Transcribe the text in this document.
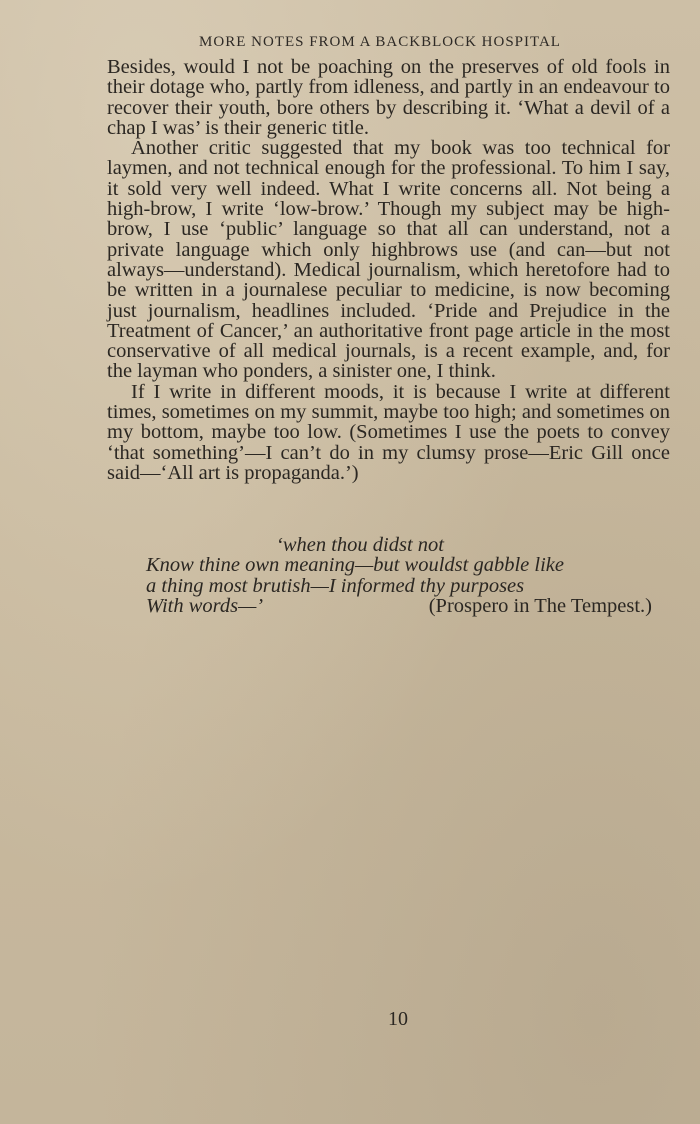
MORE NOTES FROM A BACKBLOCK HOSPITAL

Besides, would I not be poaching on the preserves of old fools in their dotage who, partly from idleness, and partly in an endeavour to recover their youth, bore others by describing it. ‘What a devil of a chap I was’ is their generic title.

Another critic suggested that my book was too technical for laymen, and not technical enough for the professional. To him I say, it sold very well indeed. What I write concerns all. Not being a high-brow, I write ‘low-brow.’ Though my subject may be high-brow, I use ‘public’ language so that all can understand, not a private language which only highbrows use (and can—but not always—understand). Medical journalism, which heretofore had to be written in a journalese peculiar to medicine, is now becoming just journalism, headlines included. ‘Pride and Prejudice in the Treatment of Cancer,’ an authoritative front page article in the most conservative of all medical journals, is a recent example, and, for the layman who ponders, a sinister one, I think.

If I write in different moods, it is because I write at different times, sometimes on my summit, maybe too high; and sometimes on my bottom, maybe too low. (Sometimes I use the poets to convey ‘that something’—I can’t do in my clumsy prose—Eric Gill once said—‘All art is propaganda.’)

‘when thou didst not
Know thine own meaning—but wouldst gabble like
a thing most brutish—I informed thy purposes
With words—’	(Prospero in The Tempest.)
10
